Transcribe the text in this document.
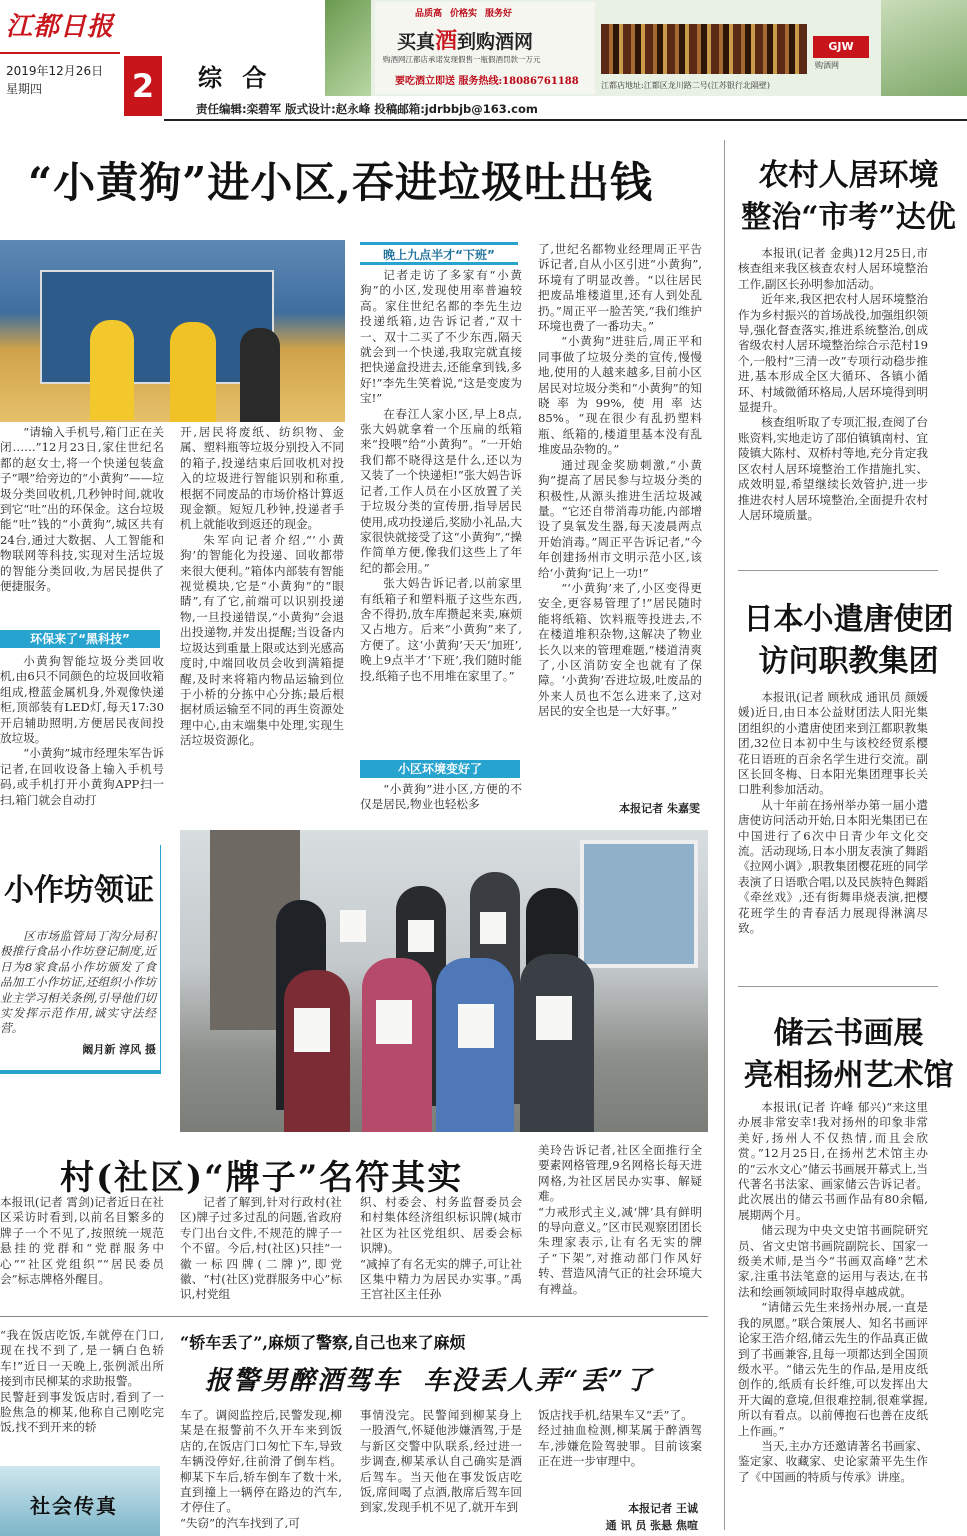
江都日报
2019年12月26日
星期四	2 综 合
责任编辑:栾碧军 版式设计:赵永峰 投稿邮箱:jdrbbjb@163.com
品质高 价格实 服务好
买真酒到购酒网
购酒网江都店承诺发现假售一瓶假酒罚款一万元
要吃酒立即送 服务热线:18086761188	江都店地址:江都区龙川路二号(江苏银行北隔壁)
GJW
购酒网
“小黄狗”进小区,吞进垃圾吐出钱

“请输入手机号,箱门正在关闭……”12月23日,家住世纪名都的赵女士,将一个快递包装盒子“喂”给旁边的“小黄狗”——垃圾分类回收机,几秒钟时间,就收到它“吐”出的环保金。这台垃圾能“吐”钱的“小黄狗”,城区共有24台,通过大数据、人工智能和物联网等科技,实现对生活垃圾的智能分类回收,为居民提供了便捷服务。

环保来了“黑科技”

小黄狗智能垃圾分类回收机,由6只不同颜色的垃圾回收箱组成,橙蓝金属机身,外观像快递柜,顶部装有LED灯,每天17:30开启辅助照明,方便居民夜间投放垃圾。

“小黄狗”城市经理朱军告诉记者,在回收设备上输入手机号码,或手机打开小黄狗APP扫一扫,箱门就会自动打

开,居民将废纸、纺织物、金属、塑料瓶等垃圾分别投入不同的箱子,投递结束后回收机对投入的垃圾进行智能识别和称重,根据不同废品的市场价格计算返现金额。短短几秒钟,投递者手机上就能收到返还的现金。

朱军向记者介绍,“‘小黄狗’的智能化为投递、回收都带来很大便利。”箱体内部装有智能视觉模块,它是“小黄狗”的“眼睛”,有了它,前端可以识别投递物,一旦投递错误,“小黄狗”会退出投递物,并发出提醒;当设备内垃圾达到重量上限或达到光感高度时,中端回收员会收到满箱提醒,及时来将箱内物品运输到位于小桥的分拣中心分拣;最后根据材质运输至不同的再生资源处理中心,由末端集中处理,实现生活垃圾资源化。

晚上九点半才“下班”

记者走访了多家有“小黄狗”的小区,发现使用率普遍较高。家住世纪名都的李先生边投递纸箱,边告诉记者,“双十一、双十二买了不少东西,隔天就会到一个快递,我取完就直接把快递盒投进去,还能拿到钱,多好!”李先生笑着说,“这是变废为宝!”

在春江人家小区,早上8点,张大妈就拿着一个压扁的纸箱来“投喂”给“小黄狗”。“一开始我们都不晓得这是什么,还以为又装了一个快递柜!”张大妈告诉记者,工作人员在小区放置了关于垃圾分类的宣传册,指导居民使用,成功投递后,奖励小礼品,大家很快就接受了这“小黄狗”,“操作简单方便,像我们这些上了年纪的都会用。”

张大妈告诉记者,以前家里有纸箱子和塑料瓶子这些东西,舍不得扔,放车库攒起来卖,麻烦又占地方。后来“小黄狗”来了,方便了。这‘小黄狗’天天‘加班’,晚上9点半才‘下班’,我们随时能投,纸箱子也不用堆在家里了。”

小区环境变好了

“小黄狗”进小区,方便的不仅是居民,物业也轻松多

了,世纪名都物业经理周正平告诉记者,自从小区引进“小黄狗”,环境有了明显改善。“以往居民把废品堆楼道里,还有人到处乱扔。”周正平一脸苦笑,“我们维护环境也费了一番功夫。”

“小黄狗”进驻后,周正平和同事做了垃圾分类的宣传,慢慢地,使用的人越来越多,目前小区居民对垃圾分类和“小黄狗”的知晓率为99%,使用率达85%。“现在很少有乱扔塑料瓶、纸箱的,楼道里基本没有乱堆废品杂物的。”

通过现金奖励刺激,“小黄狗”提高了居民参与垃圾分类的积极性,从源头推进生活垃圾减量。“它还自带消毒功能,内部增设了臭氧发生器,每天凌晨两点开始消毒。”周正平告诉记者,“今年创建扬州市文明示范小区,该给‘小黄狗’记上一功!”

“‘小黄狗’来了,小区变得更安全,更容易管理了!”居民随时能将纸箱、饮料瓶等投进去,不在楼道堆积杂物,这解决了物业长久以来的管理难题,“楼道清爽了,小区消防安全也就有了保障。‘小黄狗’吞进垃圾,吐废品的外来人员也不怎么进来了,这对居民的安全也是一大好事。”

本报记者 朱嘉雯
小作坊领证

区市场监管局丁沟分局积极推行食品小作坊登记制度,近日为8家食品小作坊颁发了食品加工小作坊证,还组织小作坊业主学习相关条例,引导他们切实发挥示范作用,诚实守法经营。

阚月新 淳风 摄
村(社区)“牌子”名符其实

本报讯(记者 霄剑)记者近日在社区采访时看到,以前名目繁多的牌子一个不见了,按照统一规范悬挂的党群和“党群服务中心”“社区党组织”“居民委员会”标志牌格外醒目。

记者了解到,针对行政村(社区)牌子过多过乱的问题,省政府专门出台文件,不规范的牌子一个不留。今后,村(社区)只挂“一徽一标四牌(二牌)”,即党徽、“村(社区)党群服务中心”标识,村党组

织、村委会、村务监督委员会和村集体经济组织标识牌(城市社区为社区党组织、居委会标识牌)。
“减掉了有名无实的牌子,可让社区集中精力为居民办实事。”禹王宫社区主任孙

美玲告诉记者,社区全面推行全要素网格管理,9名网格长每天进网格,为社区居民办实事、解疑难。
“力戒形式主义,减‘牌’具有鲜明的导向意义。”区市民观察团团长朱理家表示,让有名无实的牌子“下架”,对推动部门作风好转、营造风清气正的社会环境大有裨益。

“轿车丢了”,麻烦了警察,自己也来了麻烦
报警男醉酒驾车  车没丢人弄“丢”了

“我在饭店吃饭,车就停在门口,现在找不到了,是一辆白色轿车!”近日一天晚上,张例派出所接到市民柳某的求助报警。
民警赶到事发饭店时,看到了一脸焦急的柳某,他称自己刚吃完饭,找不到开来的轿

车了。调阅监控后,民警发现,柳某是在报警前不久开车来到饭店的,在饭店门口匆忙下车,导致车辆没停好,往前滑了倒车档。柳某下车后,轿车倒车了数十米,直到撞上一辆停在路边的汽车,才停住了。
“失窃”的汽车找到了,可

事情没完。民警闻到柳某身上一股酒气,怀疑他涉嫌酒驾,于是与新区交警中队联系,经过进一步调查,柳某承认自己确实是酒后驾车。当天他在事发饭店吃饭,席间喝了点酒,散席后驾车回到家,发现手机不见了,就开车到

饭店找手机,结果车又“丢”了。
经过抽血检测,柳某属于醉酒驾车,涉嫌危险驾驶罪。目前该案正在进一步审理中。

本报记者 王诚
通 讯 员 张悬 焦喧
社会传真
农村人居环境
整治“市考”达优

本报讯(记者 金典)12月25日,市核查组来我区核查农村人居环境整治工作,副区长孙明参加活动。

近年来,我区把农村人居环境整治作为乡村振兴的首场战役,加强组织领导,强化督查落实,推进系统整治,创成省级农村人居环境整治综合示范村19个,一般村“三清一改”专项行动稳步推进,基本形成全区大循环、各镇小循环、村域微循环格局,人居环境得到明显提升。

核查组听取了专项汇报,查阅了台账资料,实地走访了邵伯镇镇南村、宜陵镇大陈村、双桥村等地,充分肯定我区农村人居环境整治工作措施扎实、成效明显,希望继续长效管护,进一步推进农村人居环境整治,全面提升农村人居环境质量。

日本小遣唐使团
访问职教集团

本报讯(记者 顾秋成 通讯员 颜媛媛)近日,由日本公益财团法人阳光集团组织的小遣唐使团来到江都职教集团,32位日本初中生与该校经贸系樱花日语班的百余名学生进行交流。副区长回冬梅、日本阳光集团理事长关口胜利参加活动。

从十年前在扬州举办第一届小遣唐使访问活动开始,日本阳光集团已在中国进行了6次中日青少年文化交流。活动现场,日本小朋友表演了舞蹈《拉网小调》,职教集团樱花班的同学表演了日语歌合唱,以及民族特色舞蹈《牵丝戏》,还有街舞串烧表演,把樱花班学生的青春活力展现得淋漓尽致。

储云书画展
亮相扬州艺术馆

本报讯(记者 许峰 郁兴)“来这里办展非常安幸!我对扬州的印象非常美好,扬州人不仅热情,而且会欣赏。”12月25日,在扬州艺术馆主办的“云水文心”储云书画展开幕式上,当代著名书法家、画家储云告诉记者。此次展出的储云书画作品有80余幅,展期两个月。

储云现为中央文史馆书画院研究员、省文史馆书画院副院长、国家一级美术师,是当今“书画双高峰”艺术家,注重书法笔意的运用与表达,在书法和绘画领域同时取得卓越成就。

“请储云先生来扬州办展,一直是我的夙愿。”联合策展人、知名书画评论家王浩介绍,储云先生的作品真正做到了书画兼容,且每一项都达到全国顶级水平。“储云先生的作品,是用皮纸创作的,纸质有长纤维,可以发挥出大开大阖的意境,但很难控制,很难掌握,所以有看点。以前傅抱石也善在皮纸上作画。”

当天,主办方还邀请著名书画家、鉴定家、收藏家、史论家萧平先生作了《中国画的特质与传承》讲座。
